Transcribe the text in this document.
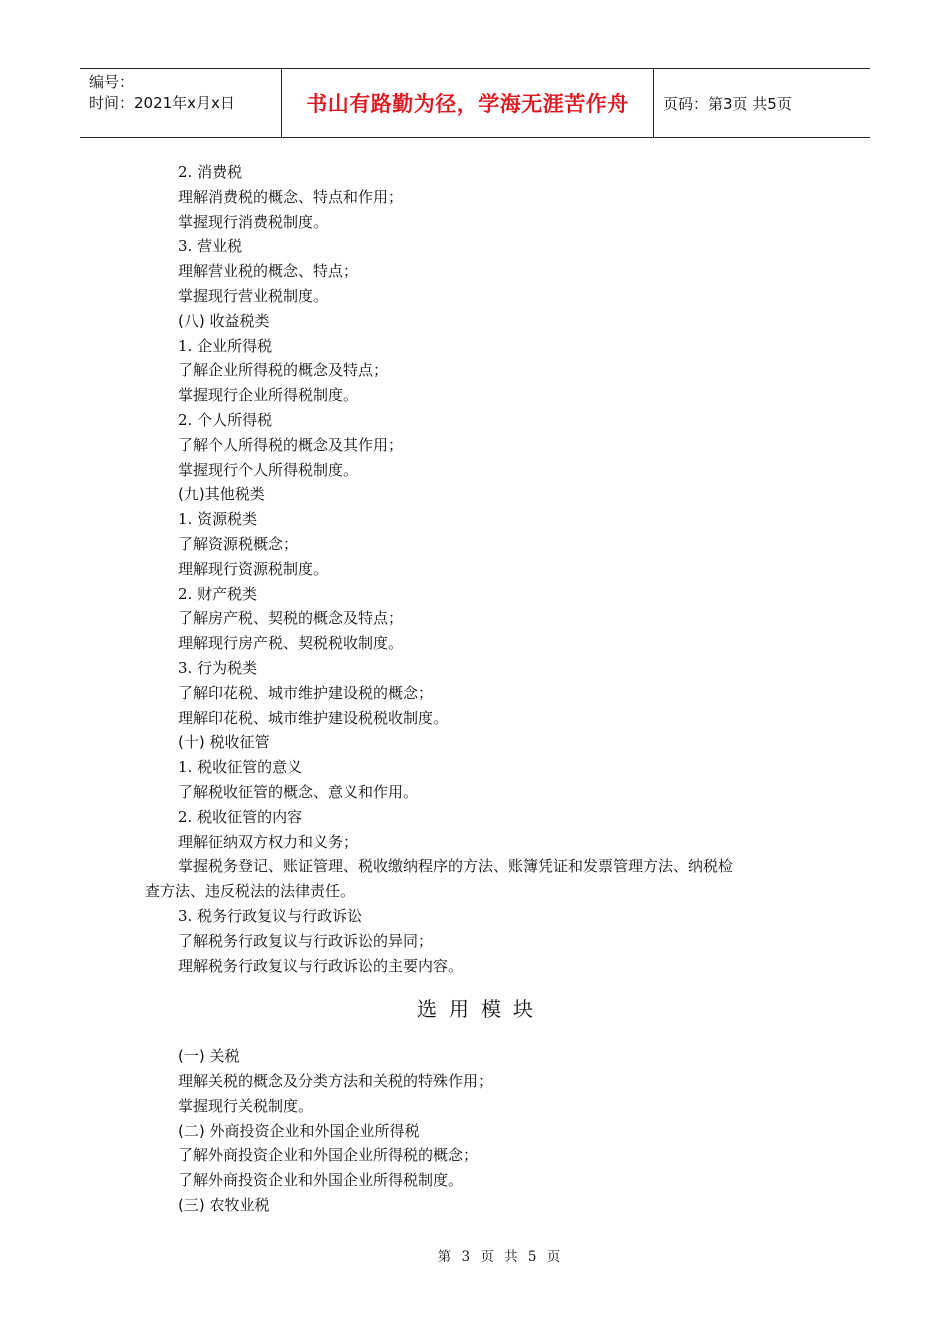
编号：
时间：2021年x月x日	书山有路勤为径，学海无涯苦作舟	页码：第3页 共5页
2. 消费税
理解消费税的概念、特点和作用；
掌握现行消费税制度。
3. 营业税
理解营业税的概念、特点；
掌握现行营业税制度。
(八) 收益税类
1. 企业所得税
了解企业所得税的概念及特点；
掌握现行企业所得税制度。
2. 个人所得税
了解个人所得税的概念及其作用；
掌握现行个人所得税制度。
(九)其他税类
1. 资源税类
了解资源税概念；
理解现行资源税制度。
2. 财产税类
了解房产税、契税的概念及特点；
理解现行房产税、契税税收制度。
3. 行为税类
了解印花税、城市维护建设税的概念；
理解印花税、城市维护建设税税收制度。
(十) 税收征管
1. 税收征管的意义
了解税收征管的概念、意义和作用。
2. 税收征管的内容
理解征纳双方权力和义务；
掌握税务登记、账证管理、税收缴纳程序的方法、账簿凭证和发票管理方法、纳税检
查方法、违反税法的法律责任。
3. 税务行政复议与行政诉讼
了解税务行政复议与行政诉讼的异同；
理解税务行政复议与行政诉讼的主要内容。
选用模块
(一) 关税
理解关税的概念及分类方法和关税的特殊作用；
掌握现行关税制度。
(二) 外商投资企业和外国企业所得税
了解外商投资企业和外国企业所得税的概念；
了解外商投资企业和外国企业所得税制度。
(三) 农牧业税
第 3 页 共 5 页
